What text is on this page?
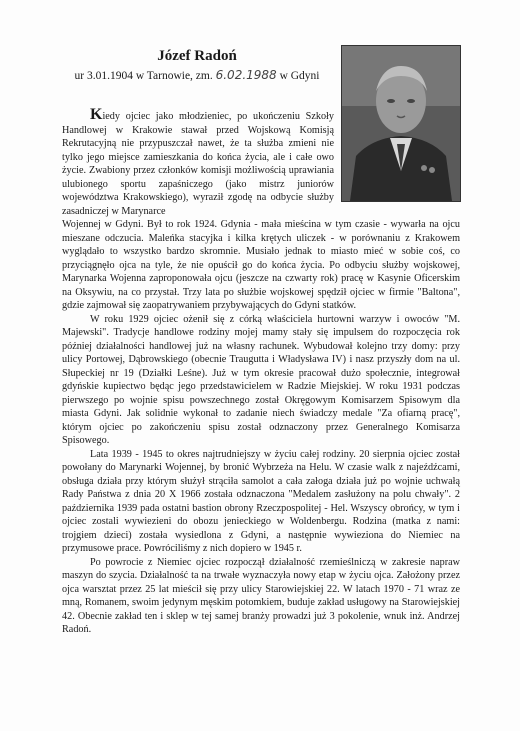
Józef Radoń
ur 3.01.1904 w Tarnowie, zm. 6.02.1988 w Gdyni

Kiedy ojciec jako młodzieniec, po ukończeniu Szkoły Handlowej w Krakowie stawał przed Wojskową Komisją Rekrutacyjną nie przypuszczał nawet, że ta służba zmieni nie tylko jego miejsce zamieszkania do końca życia, ale i całe owo życie. Zwabiony przez członków komisji możliwością uprawiania ulubionego sportu zapaśniczego (jako mistrz juniorów województwa Krakowskiego), wyraził zgodę na odbycie służby zasadniczej w Marynarce

Wojennej w Gdyni. Był to rok 1924. Gdynia - mała mieścina w tym czasie - wywarła na ojcu mieszane odczucia. Maleńka stacyjka i kilka krętych uliczek - w porównaniu z Krakowem wyglądało to wszystko bardzo skromnie. Musiało jednak to miasto mieć w sobie coś, co przyciągnęło ojca na tyle, że nie opuścił go do końca życia. Po odbyciu służby wojskowej, Marynarka Wojenna zaproponowała ojcu (jeszcze na czwarty rok) pracę w Kasynie Oficerskim na Oksywiu, na co przystał. Trzy lata po służbie wojskowej spędził ojciec w firmie "Baltona", gdzie zajmował się zaopatrywaniem przybywających do Gdyni statków.

W roku 1929 ojciec ożenił się z córką właściciela hurtowni warzyw i owoców "M. Majewski". Tradycje handlowe rodziny mojej mamy stały się impulsem do rozpoczęcia rok później działalności handlowej już na własny rachunek. Wybudował kolejno trzy domy: przy ulicy Portowej, Dąbrowskiego (obecnie Traugutta i Władysława IV) i nasz przyszły dom na ul. Słupeckiej nr 19 (Działki Leśne). Już w tym okresie pracował dużo społecznie, integrował gdyńskie kupiectwo będąc jego przedstawicielem w Radzie Miejskiej. W roku 1931 podczas pierwszego po wojnie spisu powszechnego został Okręgowym Komisarzem Spisowym dla miasta Gdyni. Jak solidnie wykonał to zadanie niech świadczy medale "Za ofiarną pracę", którym ojciec po zakończeniu spisu został odznaczony przez Generalnego Komisarza Spisowego.

Lata 1939 - 1945 to okres najtrudniejszy w życiu całej rodziny. 20 sierpnia ojciec został powołany do Marynarki Wojennej, by bronić Wybrzeża na Helu. W czasie walk z najeźdźcami, obsługa działa przy którym służył strąciła samolot a cała załoga działa już po wojnie uchwałą Rady Państwa z dnia 20 X 1966 została odznaczona "Medalem zasłużony na polu chwały". 2 października 1939 pada ostatni bastion obrony Rzeczpospolitej - Hel. Wszyscy obrońcy, w tym i ojciec zostali wywiezieni do obozu jenieckiego w Woldenbergu. Rodzina (matka z nami: trojgiem dzieci) została wysiedlona z Gdyni, a następnie wywieziona do Niemiec na przymusowe prace. Powróciliśmy z nich dopiero w 1945 r.

Po powrocie z Niemiec ojciec rozpoczął działalność rzemieślniczą w zakresie napraw maszyn do szycia. Działalność ta na trwałe wyznaczyła nowy etap w życiu ojca. Założony przez ojca warsztat przez 25 lat mieścił się przy ulicy Starowiejskiej 22. W latach 1970 - 71 wraz ze mną, Romanem, swoim jedynym męskim potomkiem, buduje zakład usługowy na Starowiejskiej 42. Obecnie zakład ten i sklep w tej samej branży prowadzi już 3 pokolenie, wnuk inż. Andrzej Radoń.
